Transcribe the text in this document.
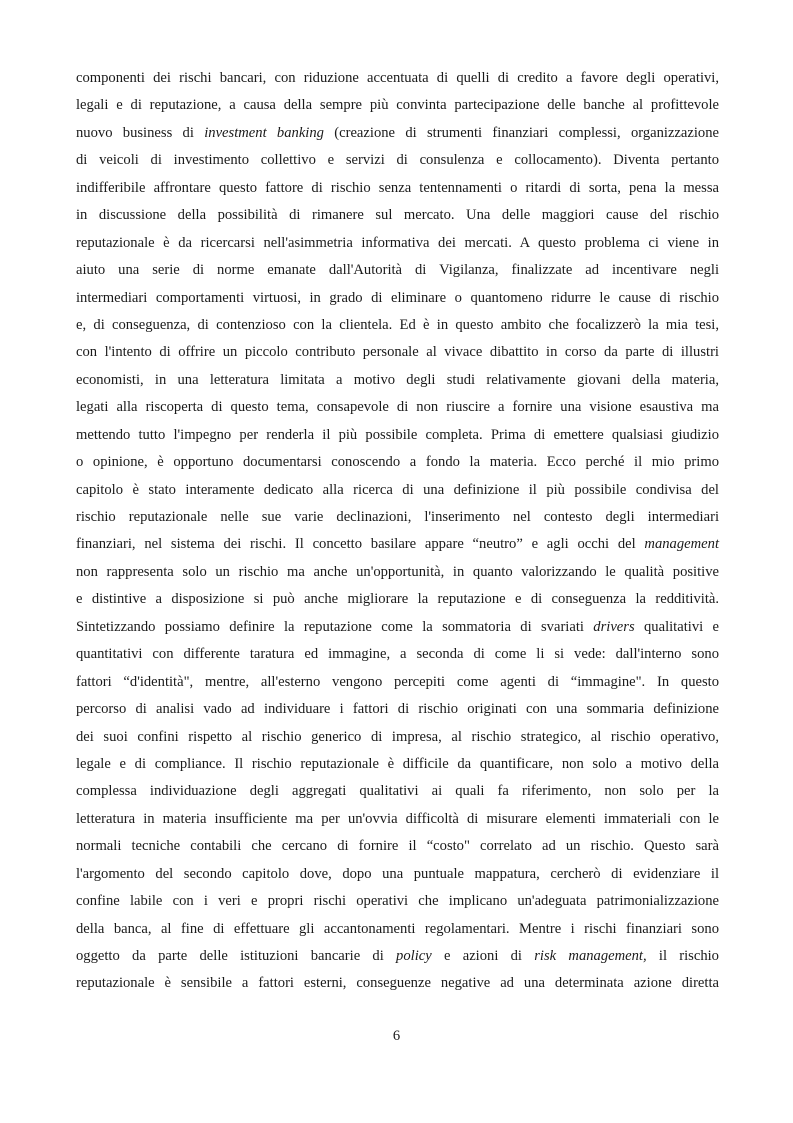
componenti dei rischi bancari, con riduzione accentuata di quelli di credito a favore degli operativi,
legali e di reputazione, a causa della sempre più convinta partecipazione delle banche al profittevole
nuovo business di investment banking (creazione di strumenti finanziari complessi, organizzazione
di veicoli di investimento collettivo e servizi di consulenza e collocamento). Diventa pertanto
indifferibile affrontare questo fattore di rischio senza tentennamenti o ritardi di sorta, pena la messa
in discussione della possibilità di rimanere sul mercato. Una delle maggiori cause del rischio
reputazionale è da ricercarsi nell'asimmetria informativa dei mercati. A questo problema ci viene in
aiuto una serie di norme emanate dall'Autorità di Vigilanza, finalizzate ad incentivare negli
intermediari comportamenti virtuosi, in grado di eliminare o quantomeno ridurre le cause di rischio
e, di conseguenza, di contenzioso con la clientela. Ed è in questo ambito che focalizzerò la mia tesi,
con l'intento di offrire un piccolo contributo personale al vivace dibattito in corso da parte di illustri
economisti, in una letteratura limitata a motivo degli studi relativamente giovani della materia,
legati alla riscoperta di questo tema, consapevole di non riuscire a fornire una visione esaustiva ma
mettendo tutto l'impegno per renderla il più possibile completa. Prima di emettere qualsiasi giudizio
o opinione, è opportuno documentarsi conoscendo a fondo la materia. Ecco perché il mio primo
capitolo è stato interamente dedicato alla ricerca di una definizione il più possibile condivisa del
rischio reputazionale nelle sue varie declinazioni, l'inserimento nel contesto degli intermediari
finanziari, nel sistema dei rischi. Il concetto basilare appare “neutro” e agli occhi del management
non rappresenta solo un rischio ma anche un'opportunità, in quanto valorizzando le qualità positive
e distintive a disposizione si può anche migliorare la reputazione e di conseguenza la redditività.
Sintetizzando possiamo definire la reputazione come la sommatoria di svariati drivers qualitativi e
quantitativi con differente taratura ed immagine, a seconda di come li si vede: dall'interno sono
fattori “d'identità", mentre, all'esterno vengono percepiti come agenti di “immagine". In questo
percorso di analisi vado ad individuare i fattori di rischio originati con una sommaria definizione
dei suoi confini rispetto al rischio generico di impresa, al rischio strategico, al rischio operativo,
legale e di compliance. Il rischio reputazionale è difficile da quantificare, non solo a motivo della
complessa individuazione degli aggregati qualitativi ai quali fa riferimento, non solo per la
letteratura in materia insufficiente ma per un'ovvia difficoltà di misurare elementi immateriali con le
normali tecniche contabili che cercano di fornire il “costo" correlato ad un rischio. Questo sarà
l'argomento del secondo capitolo dove, dopo una puntuale mappatura, cercherò di evidenziare il
confine labile con i veri e propri rischi operativi che implicano un'adeguata patrimonializzazione
della banca, al fine di effettuare gli accantonamenti regolamentari. Mentre i rischi finanziari sono
oggetto da parte delle istituzioni bancarie di policy e azioni di risk management, il rischio
reputazionale è sensibile a fattori esterni, conseguenze negative ad una determinata azione diretta
6
